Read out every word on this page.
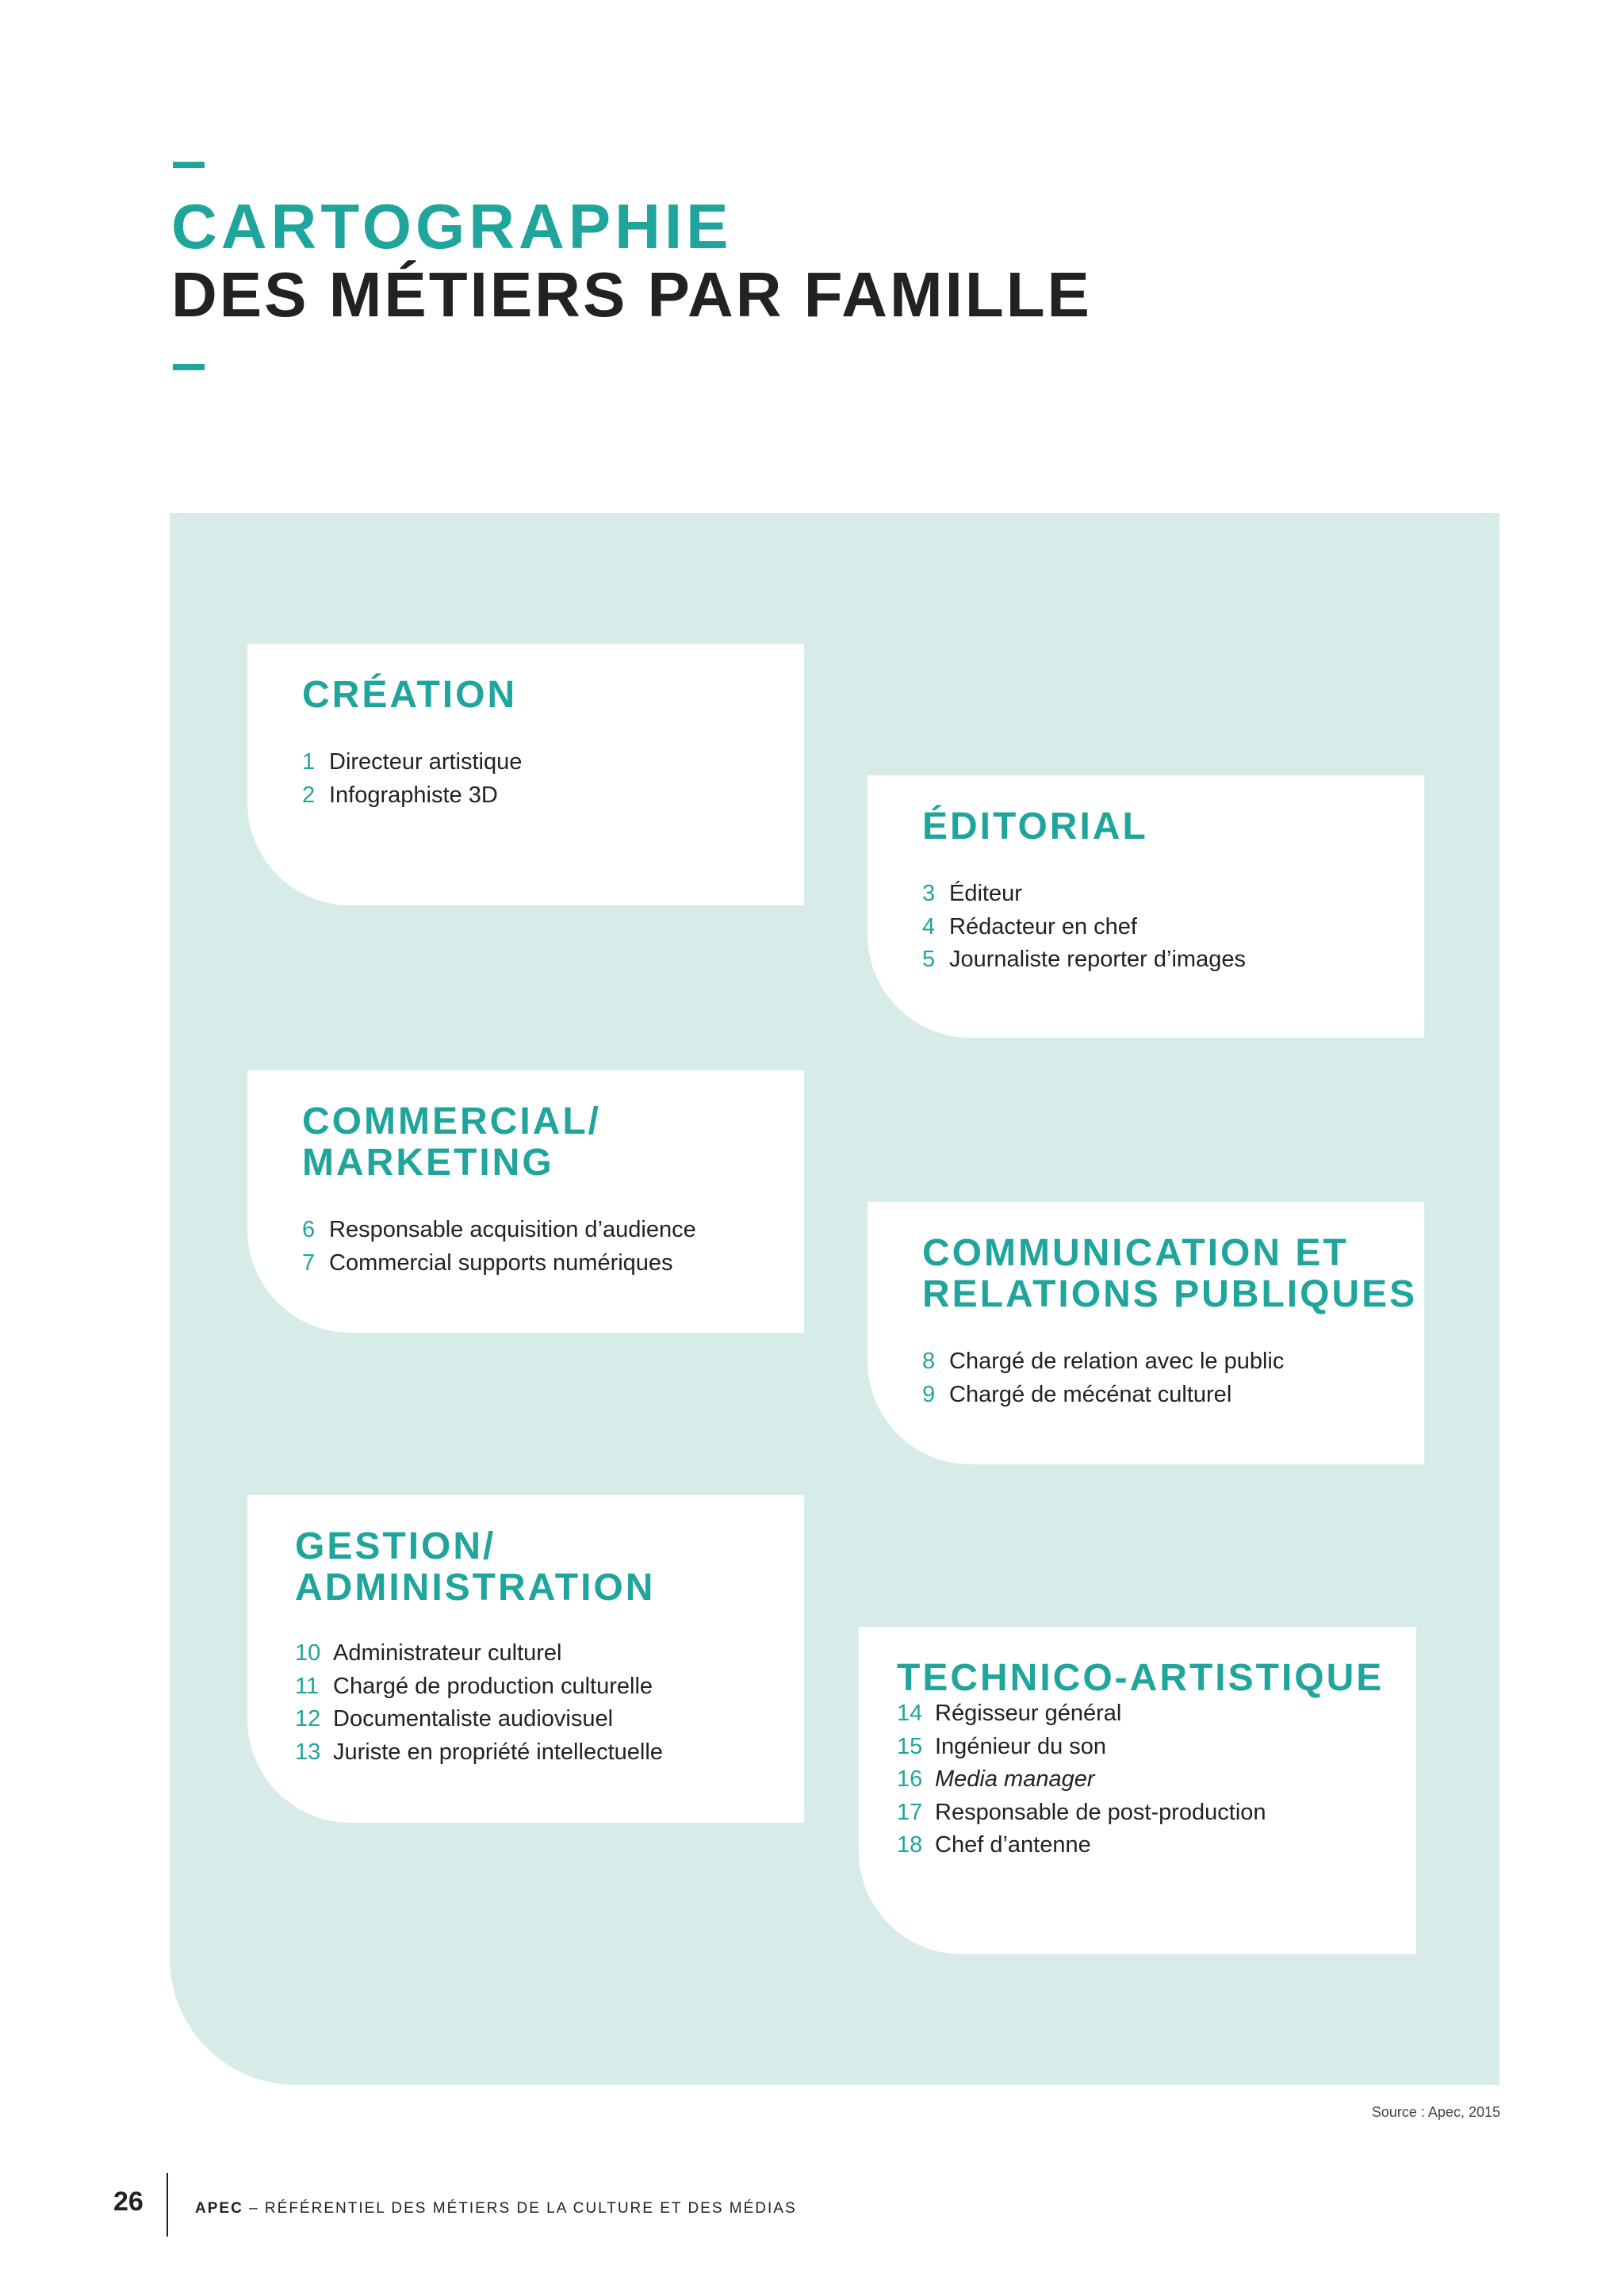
CARTOGRAPHIE
DES MÉTIERS PAR FAMILLE
CRÉATION
1 Directeur artistique
2 Infographiste 3D
ÉDITORIAL
3 Éditeur
4 Rédacteur en chef
5 Journaliste reporter d’images
COMMERCIAL/
MARKETING
6 Responsable acquisition d’audience
7 Commercial supports numériques	COMMUNICATION ET
RELATIONS PUBLIQUES
8 Chargé de relation avec le public
9 Chargé de mécénat culturel
GESTION/
ADMINISTRATION
10 Administrateur culturel
11 Chargé de production culturelle
12 Documentaliste audiovisuel
13 Juriste en propriété intellectuelle
TECHNICO-ARTISTIQUE
14 Régisseur général
15 Ingénieur du son
16 Media manager
17 Responsable de post-production
18 Chef d’antenne
Source : Apec, 2015
26	APEC – RÉFÉRENTIEL DES MÉTIERS DE LA CULTURE ET DES MÉDIAS
